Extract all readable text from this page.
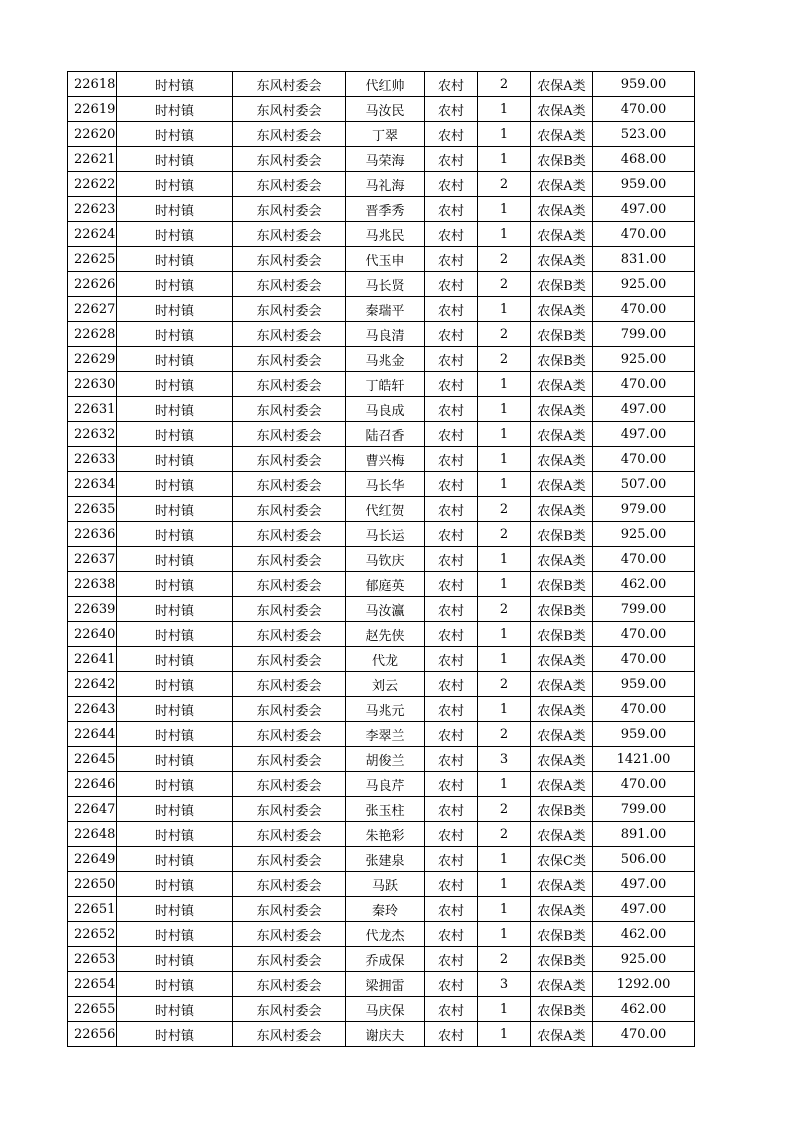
22618	时村镇	东风村委会	代红帅	农村	2	农保A类	959.00
22619	时村镇	东风村委会	马汝民	农村	1	农保A类	470.00
22620	时村镇	东风村委会	丁翠	农村	1	农保A类	523.00
22621	时村镇	东风村委会	马荣海	农村	1	农保B类	468.00
22622	时村镇	东风村委会	马礼海	农村	2	农保A类	959.00
22623	时村镇	东风村委会	晋季秀	农村	1	农保A类	497.00
22624	时村镇	东风村委会	马兆民	农村	1	农保A类	470.00
22625	时村镇	东风村委会	代玉申	农村	2	农保A类	831.00
22626	时村镇	东风村委会	马长贤	农村	2	农保B类	925.00
22627	时村镇	东风村委会	秦瑞平	农村	1	农保A类	470.00
22628	时村镇	东风村委会	马良清	农村	2	农保B类	799.00
22629	时村镇	东风村委会	马兆金	农村	2	农保B类	925.00
22630	时村镇	东风村委会	丁皓轩	农村	1	农保A类	470.00
22631	时村镇	东风村委会	马良成	农村	1	农保A类	497.00
22632	时村镇	东风村委会	陆召香	农村	1	农保A类	497.00
22633	时村镇	东风村委会	曹兴梅	农村	1	农保A类	470.00
22634	时村镇	东风村委会	马长华	农村	1	农保A类	507.00
22635	时村镇	东风村委会	代红贺	农村	2	农保A类	979.00
22636	时村镇	东风村委会	马长运	农村	2	农保B类	925.00
22637	时村镇	东风村委会	马钦庆	农村	1	农保A类	470.00
22638	时村镇	东风村委会	郁庭英	农村	1	农保B类	462.00
22639	时村镇	东风村委会	马汝瀛	农村	2	农保B类	799.00
22640	时村镇	东风村委会	赵先侠	农村	1	农保B类	470.00
22641	时村镇	东风村委会	代龙	农村	1	农保A类	470.00
22642	时村镇	东风村委会	刘云	农村	2	农保A类	959.00
22643	时村镇	东风村委会	马兆元	农村	1	农保A类	470.00
22644	时村镇	东风村委会	李翠兰	农村	2	农保A类	959.00
22645	时村镇	东风村委会	胡俊兰	农村	3	农保A类	1421.00
22646	时村镇	东风村委会	马良芹	农村	1	农保A类	470.00
22647	时村镇	东风村委会	张玉柱	农村	2	农保B类	799.00
22648	时村镇	东风村委会	朱艳彩	农村	2	农保A类	891.00
22649	时村镇	东风村委会	张建泉	农村	1	农保C类	506.00
22650	时村镇	东风村委会	马跃	农村	1	农保A类	497.00
22651	时村镇	东风村委会	秦玲	农村	1	农保A类	497.00
22652	时村镇	东风村委会	代龙杰	农村	1	农保B类	462.00
22653	时村镇	东风村委会	乔成保	农村	2	农保B类	925.00
22654	时村镇	东风村委会	梁拥雷	农村	3	农保A类	1292.00
22655	时村镇	东风村委会	马庆保	农村	1	农保B类	462.00
22656	时村镇	东风村委会	谢庆夫	农村	1	农保A类	470.00
